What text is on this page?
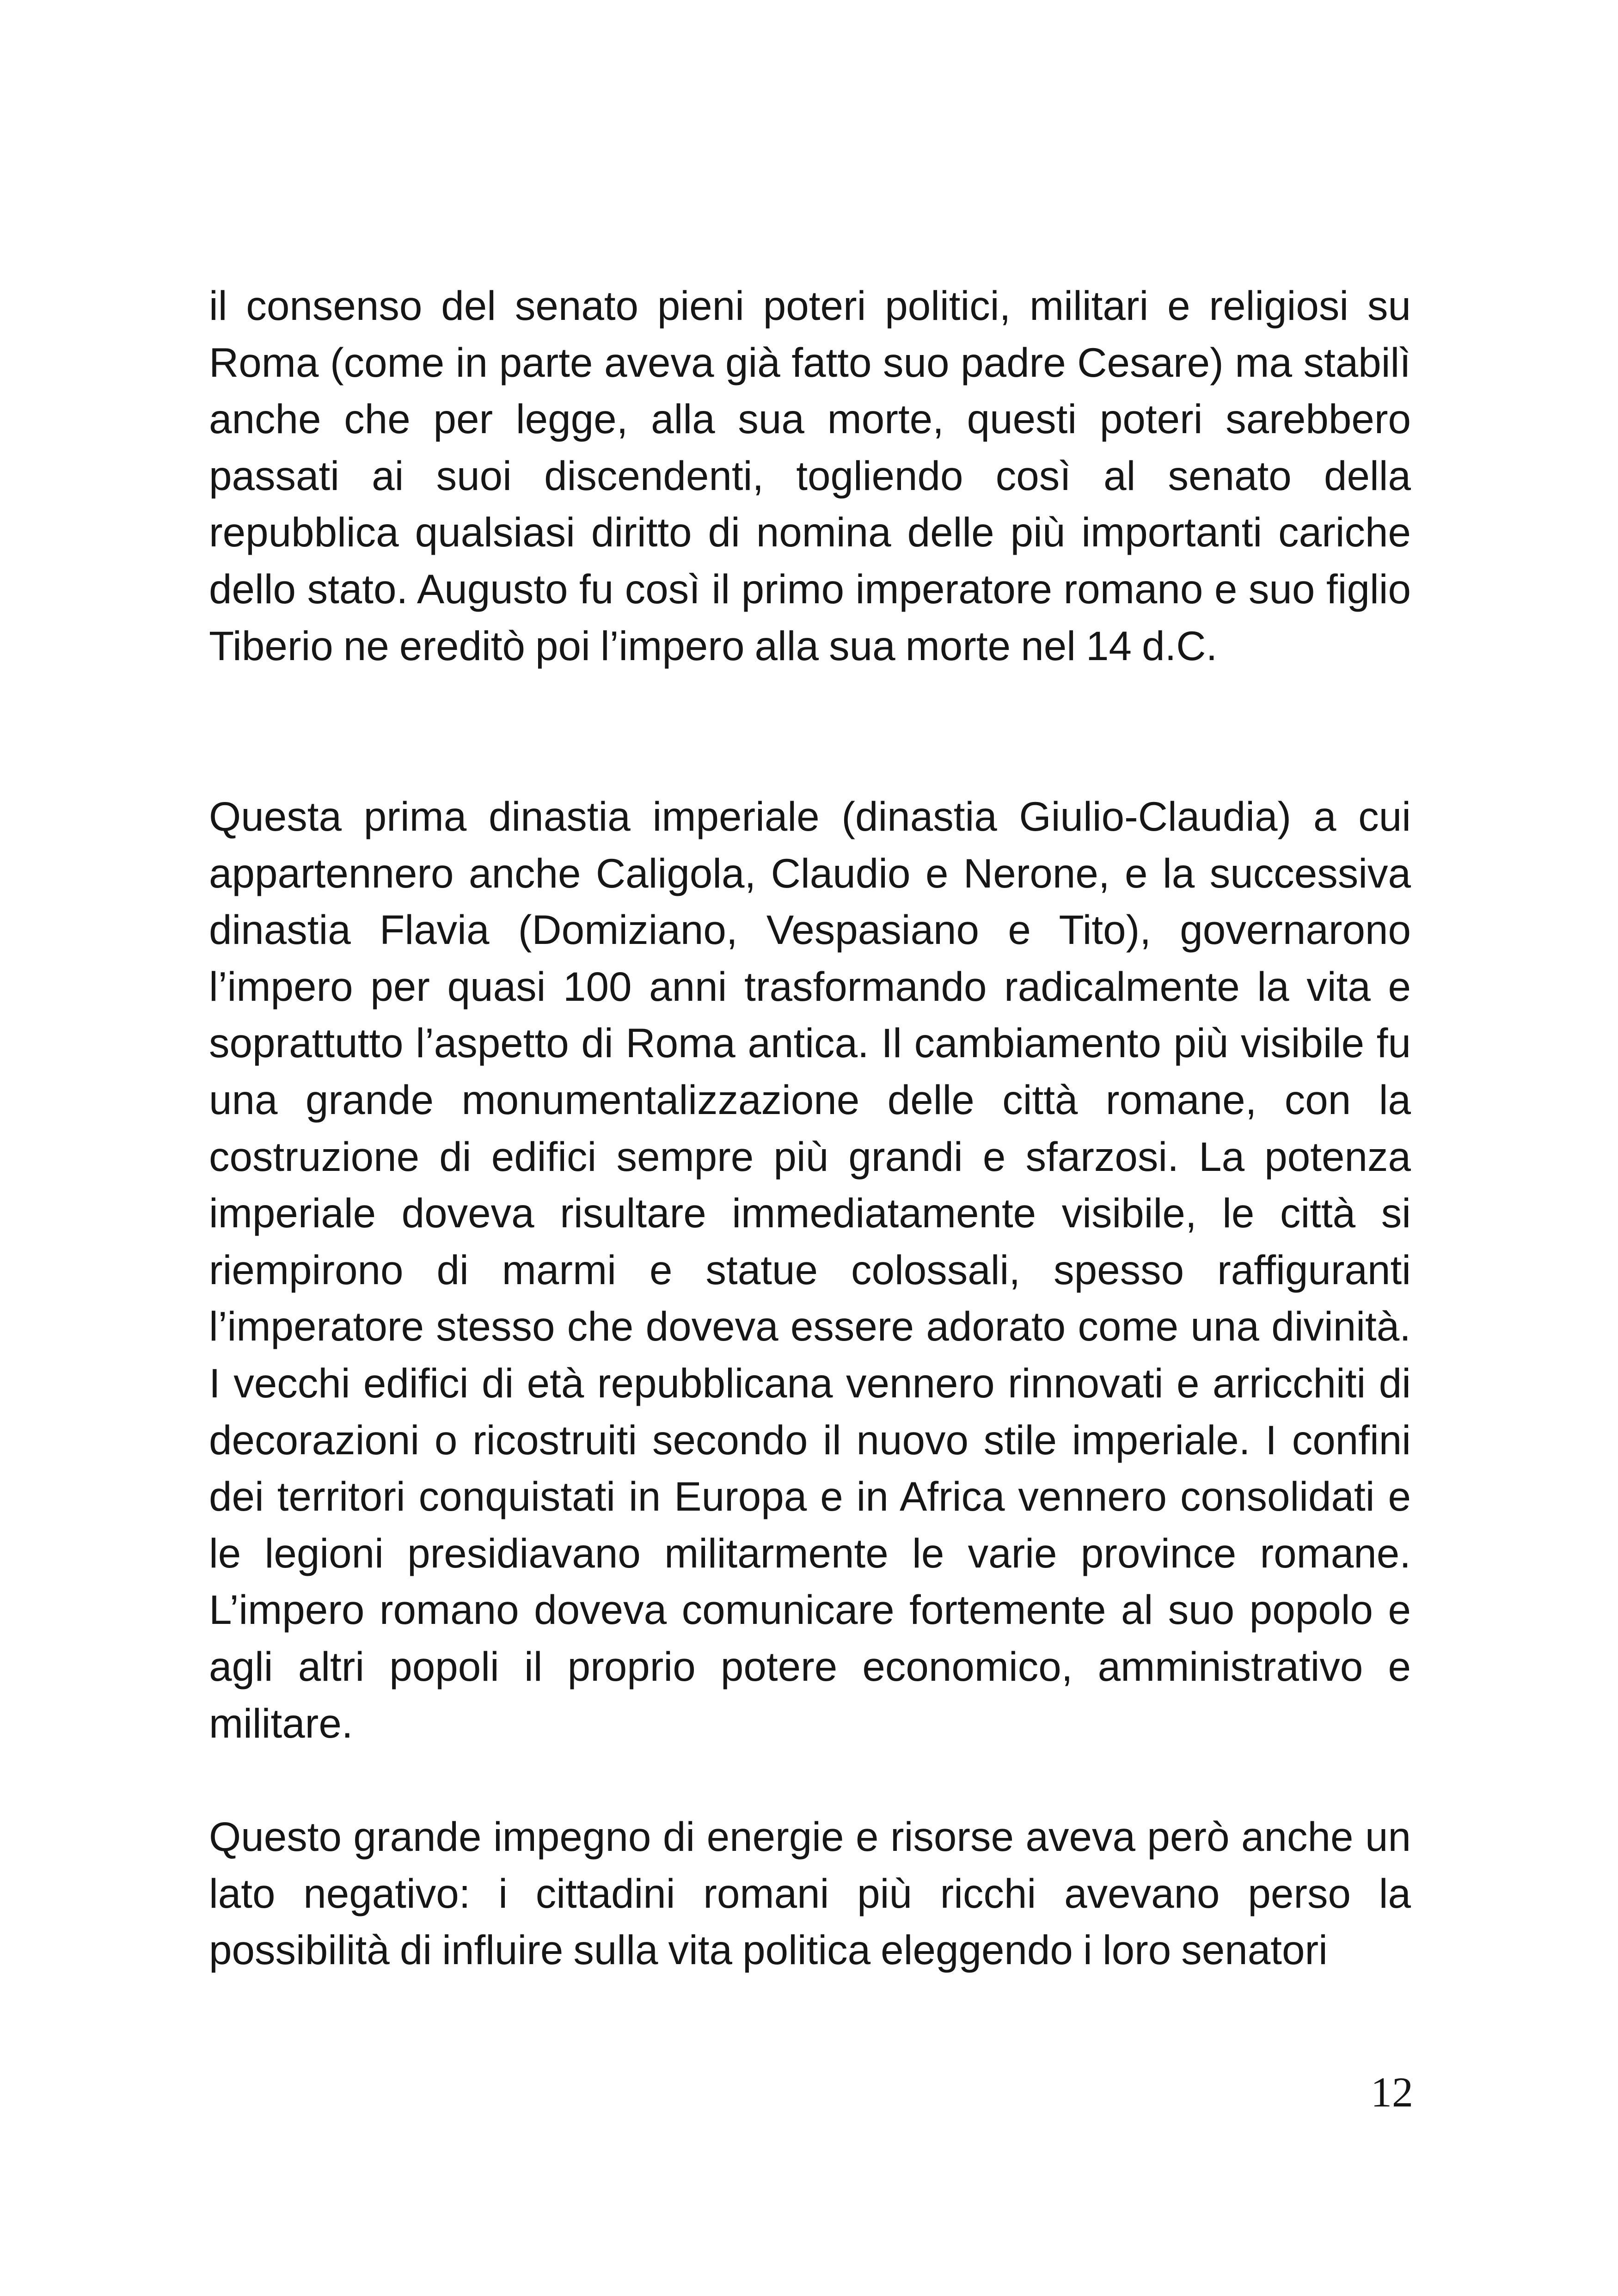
il consenso del senato pieni poteri politici, militari e religiosi su Roma (come in parte aveva già fatto suo padre Cesare) ma stabilì anche che per legge, alla sua morte, questi poteri sarebbero passati ai suoi discendenti, togliendo così al senato della repubblica qualsiasi diritto di nomina delle più importanti cariche dello stato. Augusto fu così il primo imperatore romano e suo figlio Tiberio ne ereditò poi l’impero alla sua morte nel 14 d.C.

Questa prima dinastia imperiale (dinastia Giulio-Claudia) a cui appartennero anche Caligola, Claudio e Nerone, e la successiva dinastia Flavia (Domiziano, Vespasiano e Tito), governarono l’impero per quasi 100 anni trasformando radicalmente la vita e soprattutto l’aspetto di Roma antica. Il cambiamento più visibile fu una grande monumentalizzazione delle città romane, con la costruzione di edifici sempre più grandi e sfarzosi. La potenza imperiale doveva risultare immediatamente visibile, le città si riempirono di marmi e statue colossali, spesso raffiguranti l’imperatore stesso che doveva essere adorato come una divinità. I vecchi edifici di età repubblicana vennero rinnovati e arricchiti di decorazioni o ricostruiti secondo il nuovo stile imperiale. I confini dei territori conquistati in Europa e in Africa vennero consolidati e le legioni presidiavano militarmente le varie province romane. L’impero romano doveva comunicare fortemente al suo popolo e agli altri popoli il proprio potere economico, amministrativo e militare.

Questo grande impegno di energie e risorse aveva però anche un lato negativo: i cittadini romani più ricchi avevano perso la possibilità di influire sulla vita politica eleggendo i loro senatori

12
